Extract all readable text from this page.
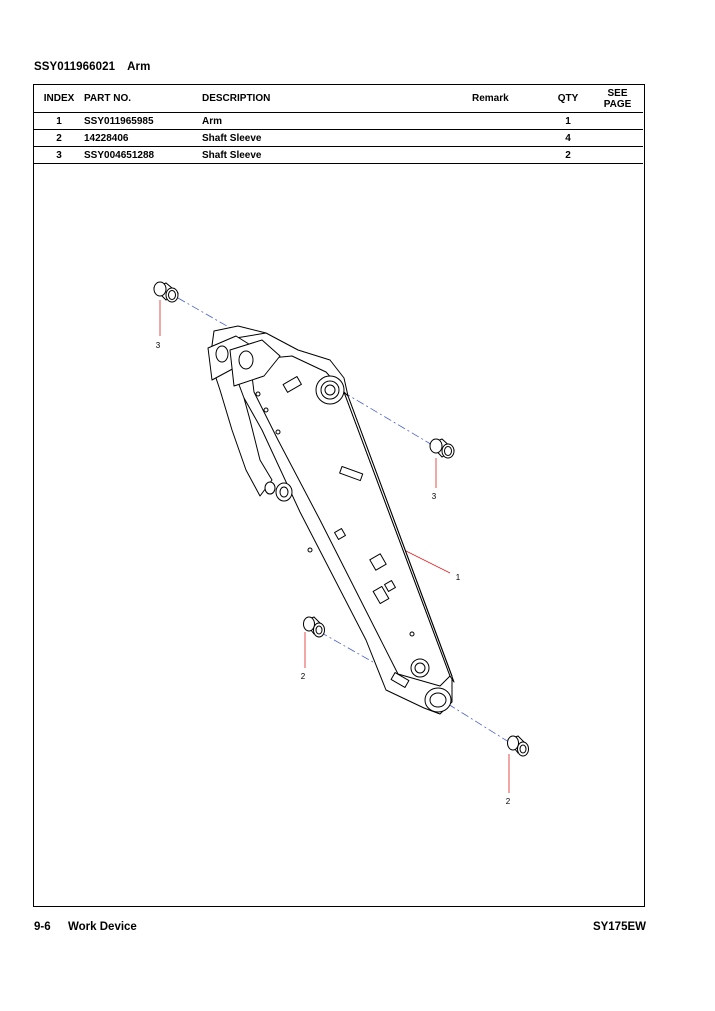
SSY011966021 Arm
INDEX	PART NO.	DESCRIPTION	Remark	QTY	SEE
PAGE
1	SSY011965985	Arm		1	
2	14228406	Shaft Sleeve		4	
3	SSY004651288	Shaft Sleeve		2	
3
3
1
2
2
9-6 Work Device	SY175EW
